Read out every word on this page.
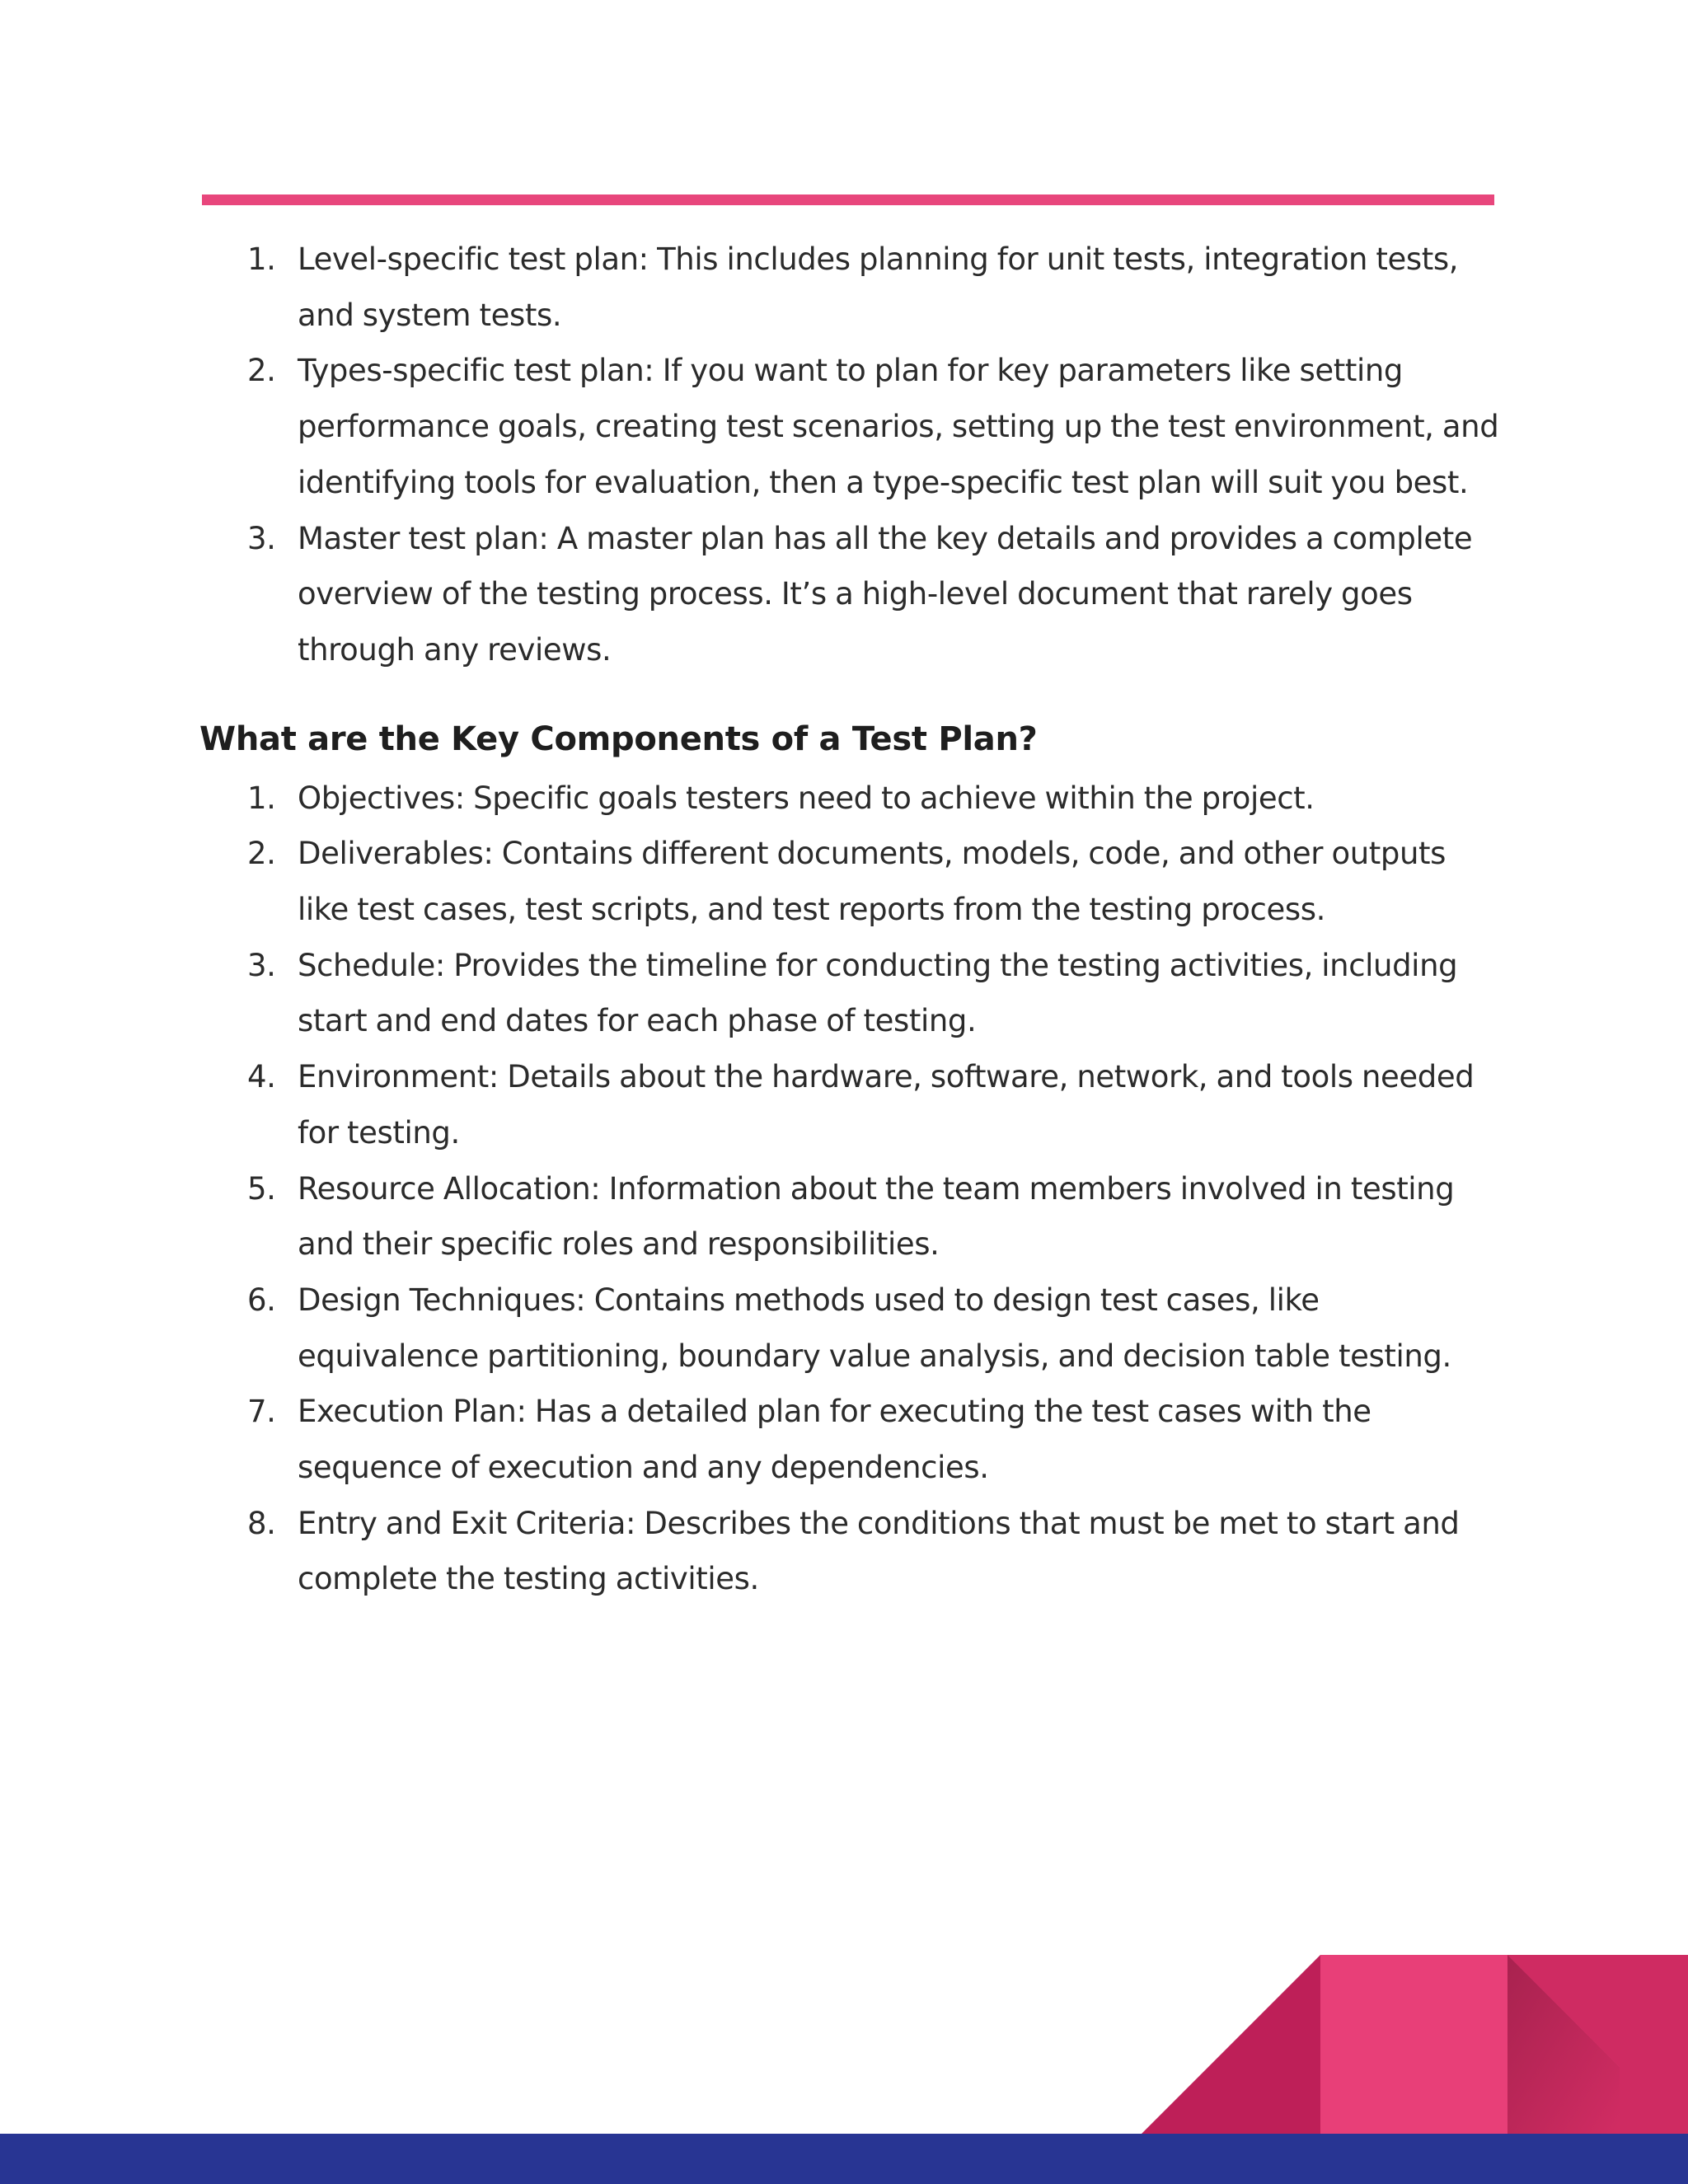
1. Level-specific test plan: This includes planning for unit tests, integration tests, and system tests.
2. Types-specific test plan: If you want to plan for key parameters like setting performance goals, creating test scenarios, setting up the test environment, and identifying tools for evaluation, then a type-specific test plan will suit you best.
3. Master test plan: A master plan has all the key details and provides a complete overview of the testing process. It’s a high-level document that rarely goes through any reviews.
What are the Key Components of a Test Plan?
1. Objectives: Specific goals testers need to achieve within the project.
2. Deliverables: Contains different documents, models, code, and other outputs like test cases, test scripts, and test reports from the testing process.
3. Schedule: Provides the timeline for conducting the testing activities, including start and end dates for each phase of testing.
4. Environment: Details about the hardware, software, network, and tools needed for testing.
5. Resource Allocation: Information about the team members involved in testing and their specific roles and responsibilities.
6. Design Techniques: Contains methods used to design test cases, like equivalence partitioning, boundary value analysis, and decision table testing.
7. Execution Plan: Has a detailed plan for executing the test cases with the sequence of execution and any dependencies.
8. Entry and Exit Criteria: Describes the conditions that must be met to start and complete the testing activities.
